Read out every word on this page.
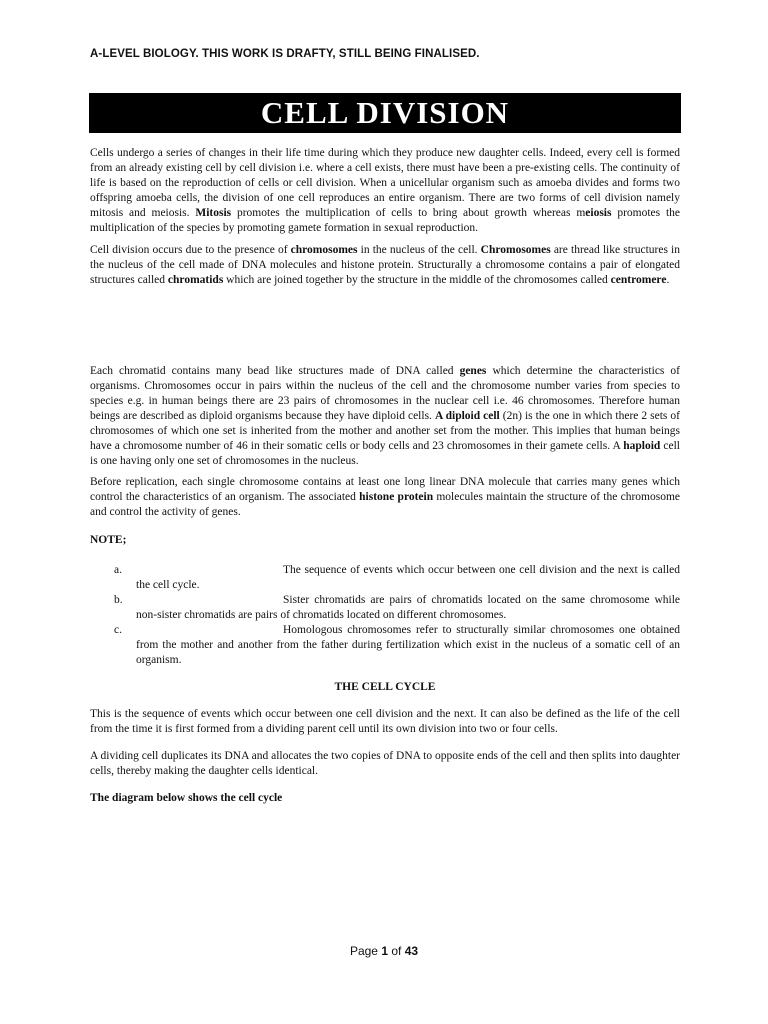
A-LEVEL BIOLOGY. THIS WORK IS DRAFTY, STILL BEING FINALISED.
CELL DIVISION

Cells undergo a series of changes in their life time during which they produce new daughter cells. Indeed, every cell is formed from an already existing cell by cell division i.e. where a cell exists, there must have been a pre-existing cells. The continuity of life is based on the reproduction of cells or cell division. When a unicellular organism such as amoeba divides and forms two offspring amoeba cells, the division of one cell reproduces an entire organism. There are two forms of cell division namely mitosis and meiosis. Mitosis promotes the multiplication of cells to bring about growth whereas meiosis promotes the multiplication of the species by promoting gamete formation in sexual reproduction.

Cell division occurs due to the presence of chromosomes in the nucleus of the cell. Chromosomes are thread like structures in the nucleus of the cell made of DNA molecules and histone protein. Structurally a chromosome contains a pair of elongated structures called chromatids which are joined together by the structure in the middle of the chromosomes called centromere.

Each chromatid contains many bead like structures made of DNA called genes which determine the characteristics of organisms. Chromosomes occur in pairs within the nucleus of the cell and the chromosome number varies from species to species e.g. in human beings there are 23 pairs of chromosomes in the nuclear cell i.e. 46 chromosomes. Therefore human beings are described as diploid organisms because they have diploid cells. A diploid cell (2n) is the one in which there 2 sets of chromosomes of which one set is inherited from the mother and another set from the mother. This implies that human beings have a chromosome number of 46 in their somatic cells or body cells and 23 chromosomes in their gamete cells. A haploid cell is one having only one set of chromosomes in the nucleus.

Before replication, each single chromosome contains at least one long linear DNA molecule that carries many genes which control the characteristics of an organism. The associated histone protein molecules maintain the structure of the chromosome and control the activity of genes.

NOTE;

a.	The sequence of events which occur between one cell division and the next is called the cell cycle.
b.	Sister chromatids are pairs of chromatids located on the same chromosome while non-sister chromatids are pairs of chromatids located on different chromosomes.
c.	Homologous chromosomes refer to structurally similar chromosomes one obtained from the mother and another from the father during fertilization which exist in the nucleus of a somatic cell of an organism.

THE CELL CYCLE

This is the sequence of events which occur between one cell division and the next. It can also be defined as the life of the cell from the time it is first formed from a dividing parent cell until its own division into two or four cells.

A dividing cell duplicates its DNA and allocates the two copies of DNA to opposite ends of the cell and then splits into daughter cells, thereby making the daughter cells identical.

The diagram below shows the cell cycle

Page 1 of 43
